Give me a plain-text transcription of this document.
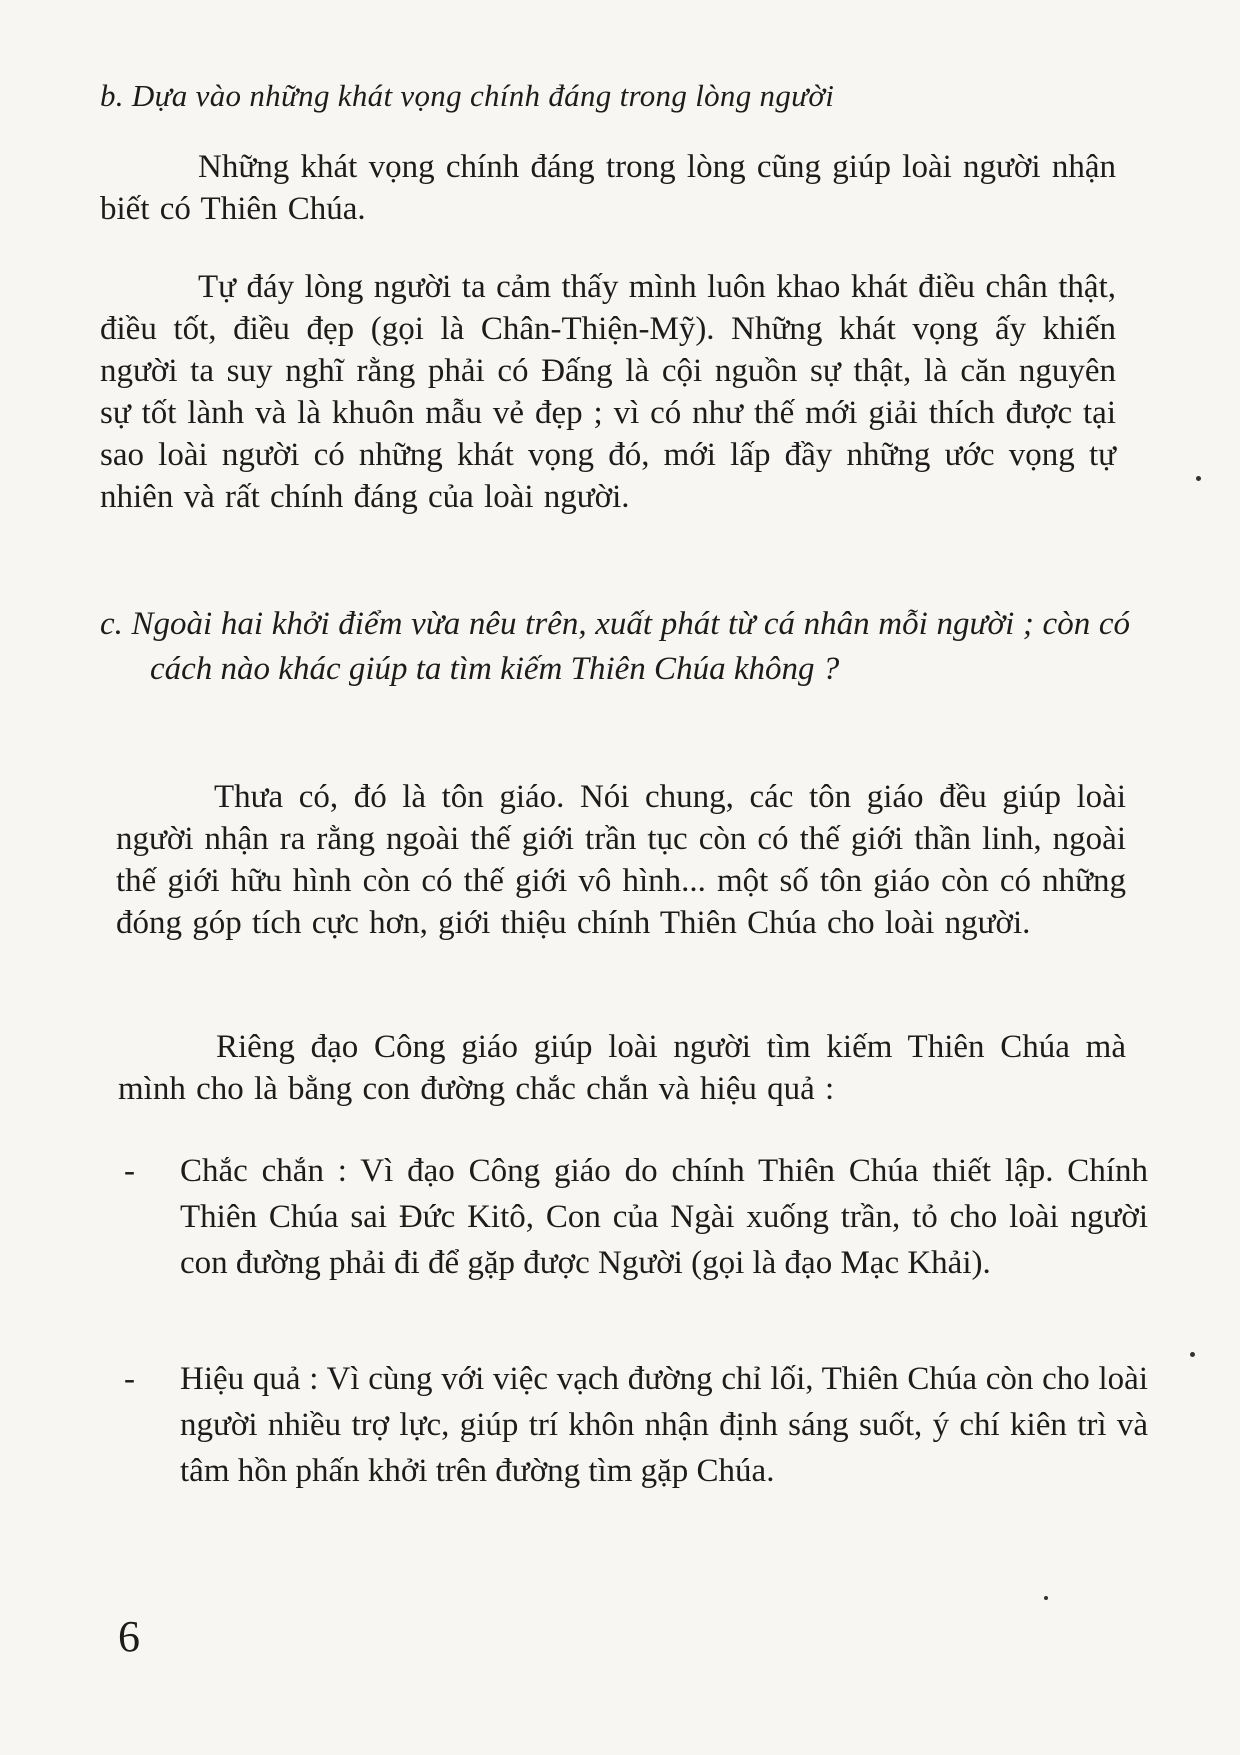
b. Dựa vào những khát vọng chính đáng trong lòng người

Những khát vọng chính đáng trong lòng cũng giúp loài người nhận biết có Thiên Chúa.

Tự đáy lòng người ta cảm thấy mình luôn khao khát điều chân thật, điều tốt, điều đẹp (gọi là Chân-Thiện-Mỹ). Những khát vọng ấy khiến người ta suy nghĩ rằng phải có Đấng là cội nguồn sự thật, là căn nguyên sự tốt lành và là khuôn mẫu vẻ đẹp ; vì có như thế mới giải thích được tại sao loài người có những khát vọng đó, mới lấp đầy những ước vọng tự nhiên và rất chính đáng của loài người.

c. Ngoài hai khởi điểm vừa nêu trên, xuất phát từ cá nhân mỗi người ; còn có cách nào khác giúp ta tìm kiếm Thiên Chúa không ?

Thưa có, đó là tôn giáo. Nói chung, các tôn giáo đều giúp loài người nhận ra rằng ngoài thế giới trần tục còn có thế giới thần linh, ngoài thế giới hữu hình còn có thế giới vô hình... một số tôn giáo còn có những đóng góp tích cực hơn, giới thiệu chính Thiên Chúa cho loài người.

Riêng đạo Công giáo giúp loài người tìm kiếm Thiên Chúa mà mình cho là bằng con đường chắc chắn và hiệu quả :

- Chắc chắn : Vì đạo Công giáo do chính Thiên Chúa thiết lập. Chính Thiên Chúa sai Đức Kitô, Con của Ngài xuống trần, tỏ cho loài người con đường phải đi để gặp được Người (gọi là đạo Mạc Khải).
- Hiệu quả : Vì cùng với việc vạch đường chỉ lối, Thiên Chúa còn cho loài người nhiều trợ lực, giúp trí khôn nhận định sáng suốt, ý chí kiên trì và tâm hồn phấn khởi trên đường tìm gặp Chúa.
6
